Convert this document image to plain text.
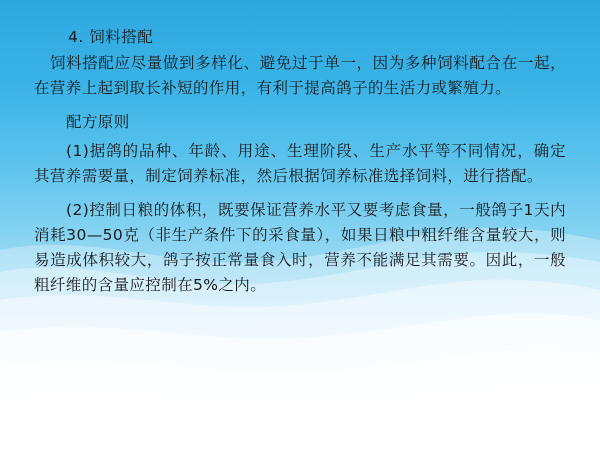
4. 饲料搭配

饲料搭配应尽量做到多样化、避免过于单一，因为多种饲料配合在一起，在营养上起到取长补短的作用，有利于提高鸽子的生活力或繁殖力。

配方原则

(1)据鸽的品种、年龄、用途、生理阶段、生产水平等不同情况，确定其营养需要量，制定饲养标准，然后根据饲养标准选择饲料，进行搭配。

(2)控制日粮的体积，既要保证营养水平又要考虑食量，一般鸽子1天内消耗30—50克（非生产条件下的采食量），如果日粮中粗纤维含量较大，则易造成体积较大，鸽子按正常量食入时，营养不能满足其需要。因此，一般粗纤维的含量应控制在5%之内。
